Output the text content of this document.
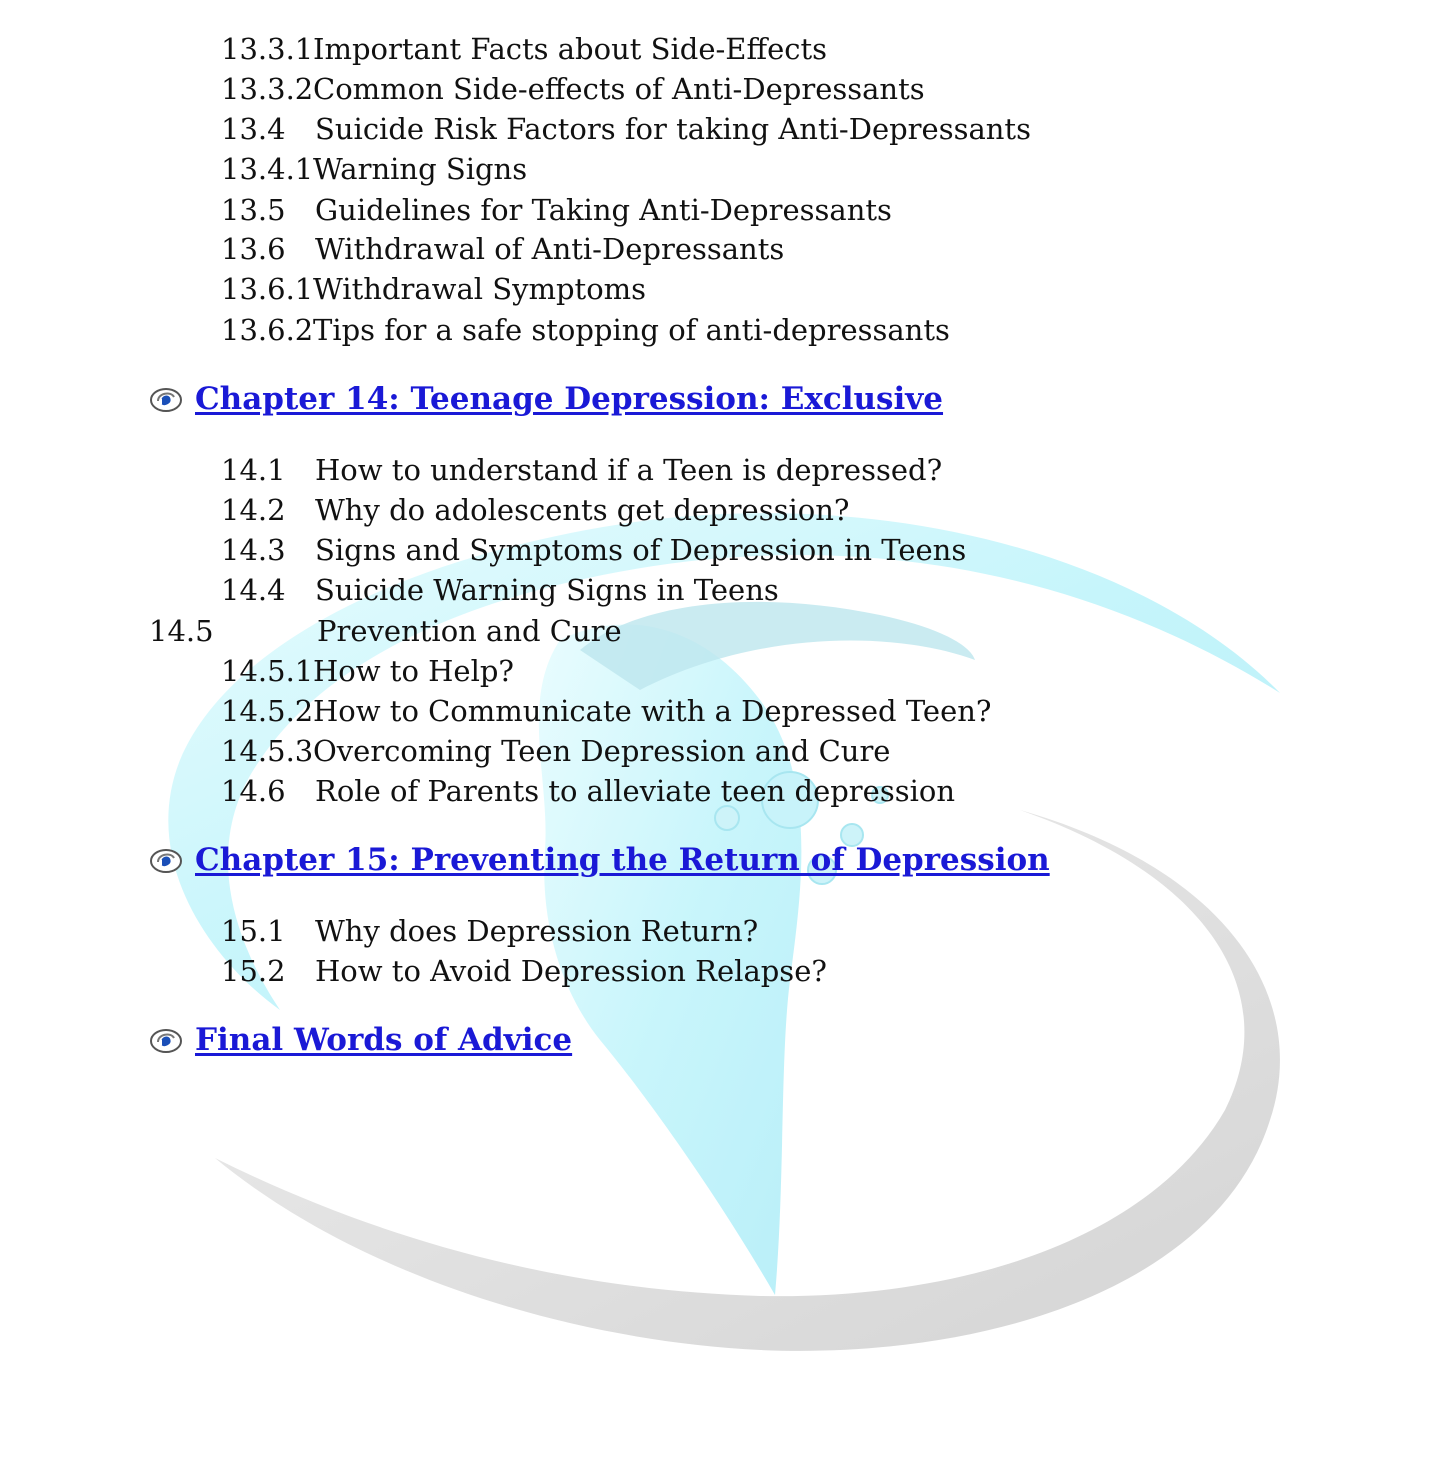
13.3.1 Important Facts about Side-Effects
13.3.2 Common Side-effects of Anti-Depressants
13.4 Suicide Risk Factors for taking Anti-Depressants
13.4.1 Warning Signs
13.5 Guidelines for Taking Anti-Depressants
13.6 Withdrawal of Anti-Depressants
13.6.1 Withdrawal Symptoms
13.6.2 Tips for a safe stopping of anti-depressants
Chapter 14: Teenage Depression: Exclusive
14.1 How to understand if a Teen is depressed?
14.2 Why do adolescents get depression?
14.3 Signs and Symptoms of Depression in Teens
14.4 Suicide Warning Signs in Teens
14.5	Prevention and Cure
14.5.1 How to Help?
14.5.2 How to Communicate with a Depressed Teen?
14.5.3 Overcoming Teen Depression and Cure
14.6 Role of Parents to alleviate teen depression
Chapter 15: Preventing the Return of Depression
15.1 Why does Depression Return?
15.2 How to Avoid Depression Relapse?
Final Words of Advice
